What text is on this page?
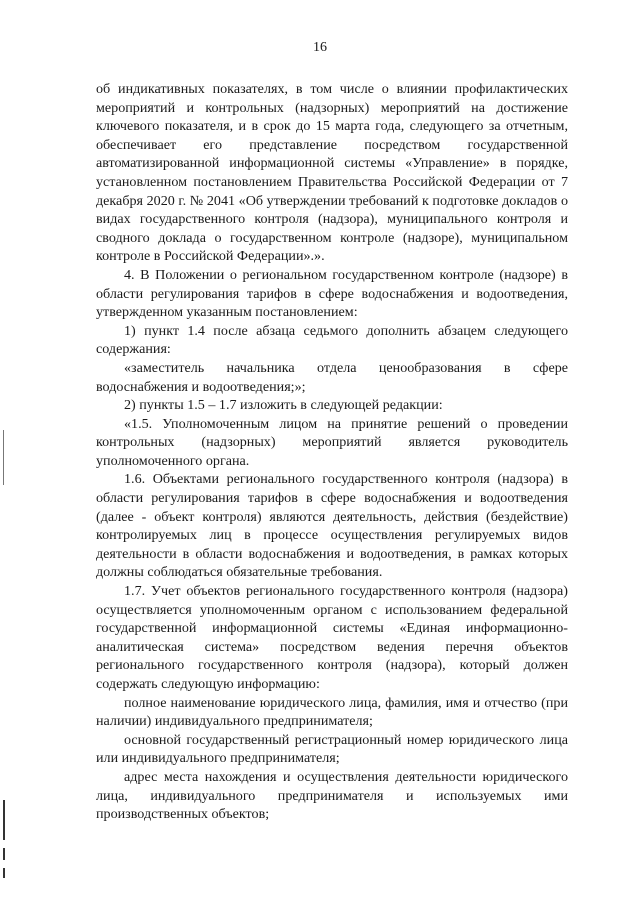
16

об индикативных показателях, в том числе о влиянии профилактических мероприятий и контрольных (надзорных) мероприятий на достижение ключевого показателя, и в срок до 15 марта года, следующего за отчетным, обеспечивает его представление посредством государственной автоматизированной информационной системы «Управление» в порядке, установленном постановлением Правительства Российской Федерации от 7 декабря 2020 г. № 2041 «Об утверждении требований к подготовке докладов о видах государственного контроля (надзора), муниципального контроля и сводного доклада о государственном контроле (надзоре), муниципальном контроле в Российской Федерации».».

4. В Положении о региональном государственном контроле (надзоре) в области регулирования тарифов в сфере водоснабжения и водоотведения, утвержденном указанным постановлением:

1) пункт 1.4 после абзаца седьмого дополнить абзацем следующего содержания:

«заместитель начальника отдела ценообразования в сфере водоснабжения и водоотведения;»;

2) пункты 1.5 – 1.7 изложить в следующей редакции:

«1.5. Уполномоченным лицом на принятие решений о проведении контрольных (надзорных) мероприятий является руководитель уполномоченного органа.

1.6. Объектами регионального государственного контроля (надзора) в области регулирования тарифов в сфере водоснабжения и водоотведения (далее - объект контроля) являются деятельность, действия (бездействие) контролируемых лиц в процессе осуществления регулируемых видов деятельности в области водоснабжения и водоотведения, в рамках которых должны соблюдаться обязательные требования.

1.7. Учет объектов регионального государственного контроля (надзора) осуществляется уполномоченным органом с использованием федеральной государственной информационной системы «Единая информационно-аналитическая система» посредством ведения перечня объектов регионального государственного контроля (надзора), который должен содержать следующую информацию:

полное наименование юридического лица, фамилия, имя и отчество (при наличии) индивидуального предпринимателя;

основной государственный регистрационный номер юридического лица или индивидуального предпринимателя;

адрес места нахождения и осуществления деятельности юридического лица, индивидуального предпринимателя и используемых ими производственных объектов;
